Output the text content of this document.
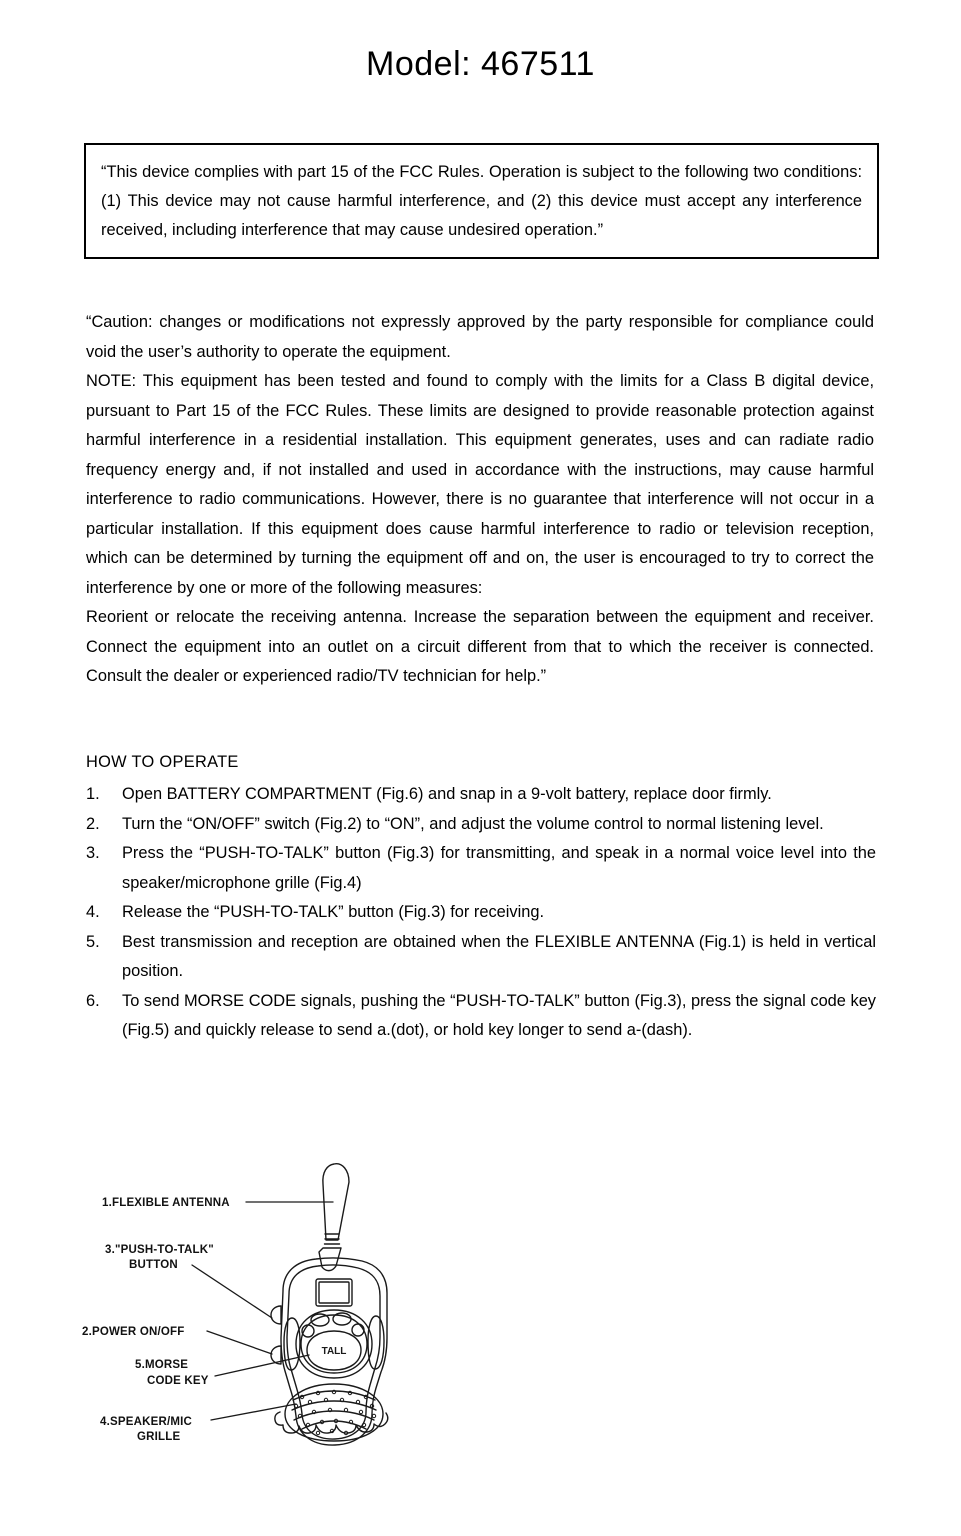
Model: 467511

“This device complies with part 15 of the FCC Rules. Operation is subject to the following two conditions: (1) This device may not cause harmful interference, and (2) this device must accept any interference received, including interference that may cause undesired operation.”

“Caution: changes or modifications not expressly approved by the party responsible for compliance could void the user’s authority to operate the equipment.

NOTE: This equipment has been tested and found to comply with the limits for a Class B digital device, pursuant to Part 15 of the FCC Rules. These limits are designed to provide reasonable protection against harmful interference in a residential installation. This equipment generates, uses and can radiate radio frequency energy and, if not installed and used in accordance with the instructions, may cause harmful interference to radio communications. However, there is no guarantee that interference will not occur in a particular installation. If this equipment does cause harmful interference to radio or television reception, which can be determined by turning the equipment off and on, the user is encouraged to try to correct the interference by one or more of the following measures:

Reorient or relocate the receiving antenna. Increase the separation between the equipment and receiver. Connect the equipment into an outlet on a circuit different from that to which the receiver is connected. Consult the dealer or experienced radio/TV technician for help.”

HOW TO OPERATE
1.	Open BATTERY COMPARTMENT (Fig.6) and snap in a 9-volt battery, replace door firmly.
2.	Turn the “ON/OFF” switch (Fig.2) to “ON”, and adjust the volume control to normal listening level.
3.	Press the “PUSH-TO-TALK” button (Fig.3) for transmitting, and speak in a normal voice level into the speaker/microphone grille (Fig.4)
4.	Release the “PUSH-TO-TALK” button (Fig.3) for receiving.
5.	Best transmission and reception are obtained when the FLEXIBLE ANTENNA (Fig.1) is held in vertical position.
6.	To send MORSE CODE signals, pushing the “PUSH-TO-TALK” button (Fig.3), press the signal code key (Fig.5) and quickly release to send a.(dot), or hold key longer to send a-(dash).
1.FLEXIBLE ANTENNA
3."PUSH-TO-TALK"
BUTTON
2.POWER ON/OFF
5.MORSE
CODE KEY
4.SPEAKER/MIC
GRILLE
TALL
